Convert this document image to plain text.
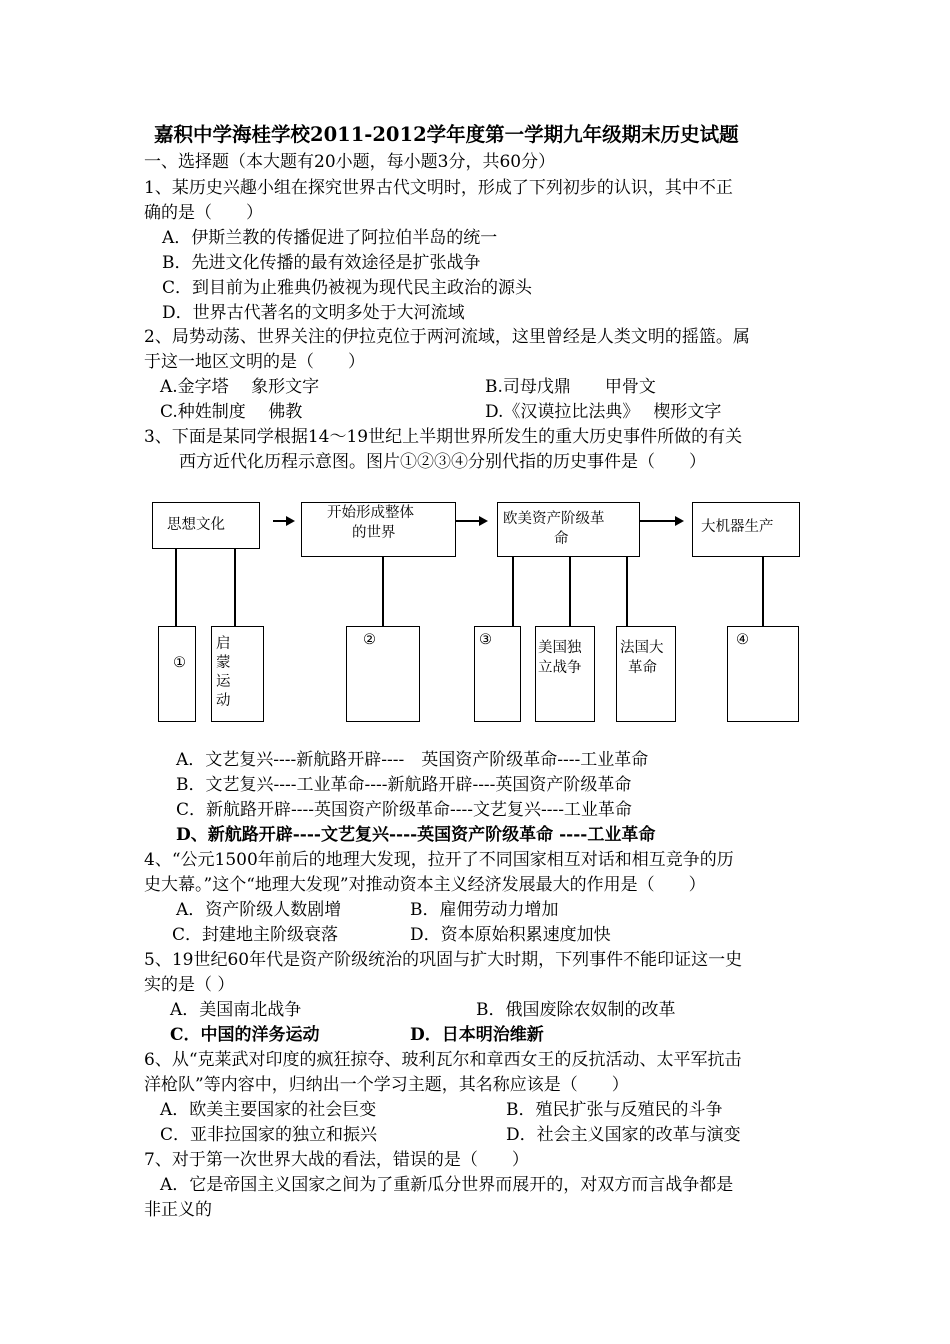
嘉积中学海桂学校2011-2012学年度第一学期九年级期末历史试题
一、选择题（本大题有20小题，每小题3分，共60分）
1、某历史兴趣小组在探究世界古代文明时，形成了下列初步的认识，其中不正
确的是（　　）
A．伊斯兰教的传播促进了阿拉伯半岛的统一
B．先进文化传播的最有效途径是扩张战争
C．到目前为止雅典仍被视为现代民主政治的源头
D．世界古代著名的文明多处于大河流域
2、局势动荡、世界关注的伊拉克位于两河流域，这里曾经是人类文明的摇篮。属
于这一地区文明的是（　　）
A.金字塔　 象形文字	B.司母戊鼎　　甲骨文
C.种姓制度　 佛教	D.《汉谟拉比法典》　 楔形文字
3、下面是某同学根据14～19世纪上半期世界所发生的重大历史事件所做的有关
西方近代化历程示意图。图片①②③④分别代指的历史事件是（　　）
思想文化
开始形成整体
的世界
欧美资产阶级革
命
大机器生产
①
启
蒙
运
动
②	③	美国独
立战争
法国大
革命
④
A．文艺复兴----新航路开辟----　英国资产阶级革命----工业革命
B．文艺复兴----工业革命----新航路开辟----英国资产阶级革命
C．新航路开辟----英国资产阶级革命----文艺复兴----工业革命
D、新航路开辟----文艺复兴----英国资产阶级革命 ----工业革命
4、“公元1500年前后的地理大发现，拉开了不同国家相互对话和相互竞争的历
史大幕。”这个“地理大发现”对推动资本主义经济发展最大的作用是（　　）
A．资产阶级人数剧增	B．雇佣劳动力增加
C．封建地主阶级衰落	D．资本原始积累速度加快
5、19世纪60年代是资产阶级统治的巩固与扩大时期，下列事件不能印证这一史
实的是（ ）
A．美国南北战争	B．俄国废除农奴制的改革
C．中国的洋务运动	D．日本明治维新
6、从“克莱武对印度的疯狂掠夺、玻利瓦尔和章西女王的反抗活动、太平军抗击
洋枪队”等内容中，归纳出一个学习主题，其名称应该是（　　）
A．欧美主要国家的社会巨变	B．殖民扩张与反殖民的斗争
C．亚非拉国家的独立和振兴	D．社会主义国家的改革与演变
7、对于第一次世界大战的看法，错误的是（　　）
A．它是帝国主义国家之间为了重新瓜分世界而展开的，对双方而言战争都是
非正义的
